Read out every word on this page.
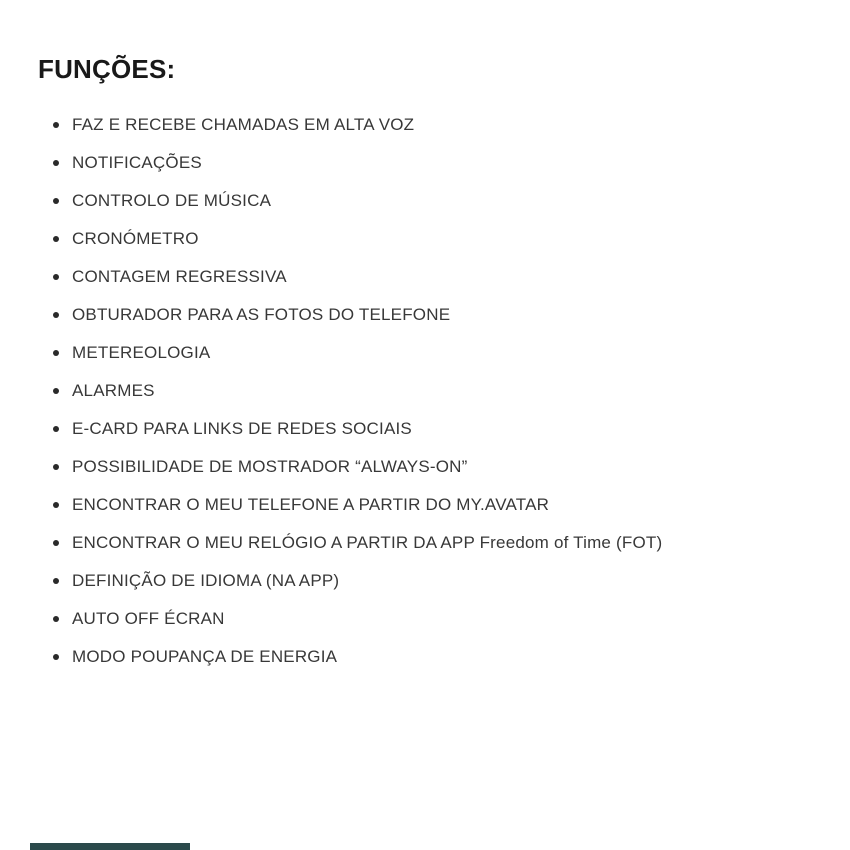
FUNÇÕES:
FAZ E RECEBE CHAMADAS EM ALTA VOZ
NOTIFICAÇÕES
CONTROLO DE MÚSICA
CRONÓMETRO
CONTAGEM REGRESSIVA
OBTURADOR PARA AS FOTOS DO TELEFONE
METEREOLOGIA
ALARMES
E-CARD PARA LINKS DE REDES SOCIAIS
POSSIBILIDADE DE MOSTRADOR “ALWAYS-ON”
ENCONTRAR O MEU TELEFONE A PARTIR DO MY.AVATAR
ENCONTRAR O MEU RELÓGIO A PARTIR DA APP Freedom of Time (FOT)
DEFINIÇÃO DE IDIOMA (NA APP)
AUTO OFF ÉCRAN
MODO POUPANÇA DE ENERGIA
